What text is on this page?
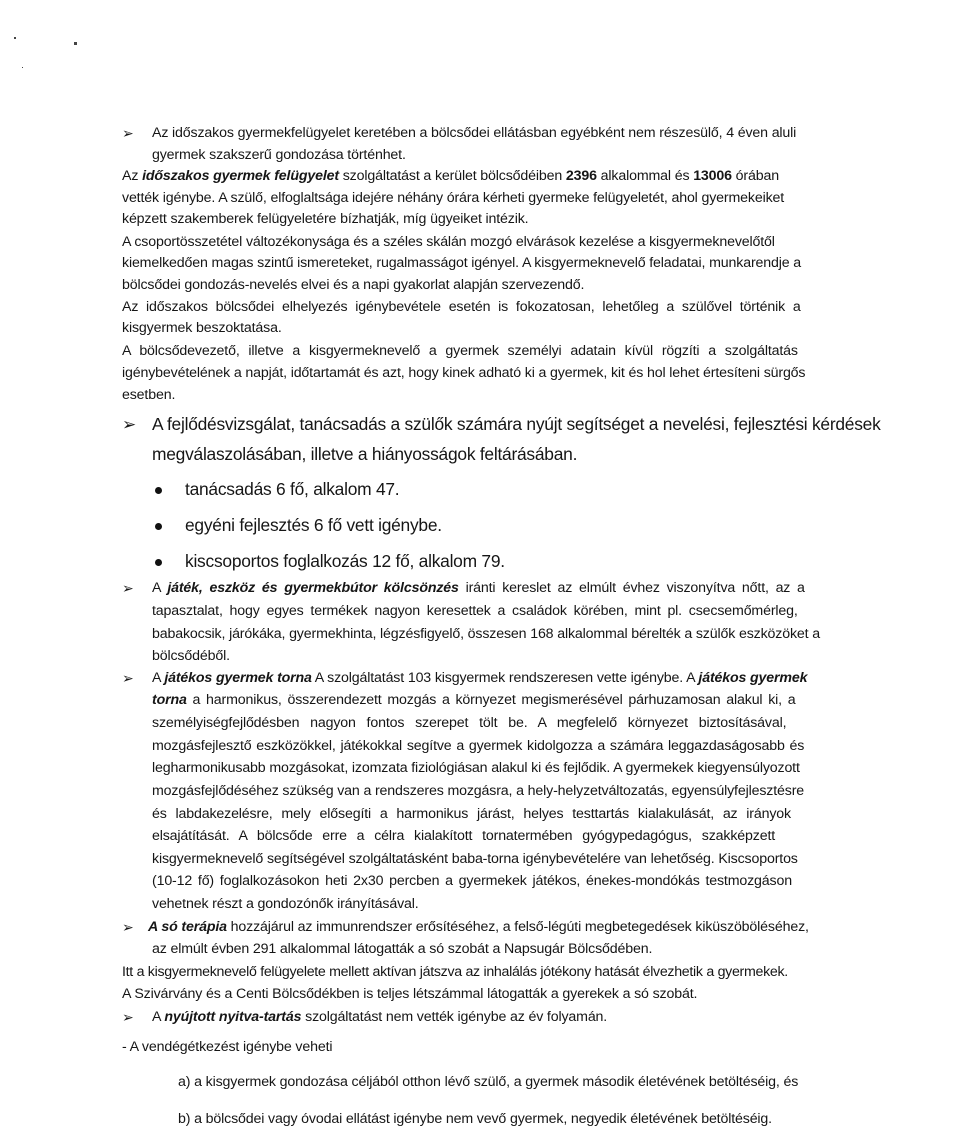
➢	Az időszakos gyermekfelügyelet keretében a bölcsődei ellátásban egyébként nem részesülő, 4 éven aluli
gyermek szakszerű gondozása történhet.
Az időszakos gyermek felügyelet szolgáltatást a kerület bölcsődéiben 2396 alkalommal és 13006 órában
vették igénybe. A szülő, elfoglaltsága idejére néhány órára kérheti gyermeke felügyeletét, ahol gyermekeiket
képzett szakemberek felügyeletére bízhatják, míg ügyeiket intézik.
A csoportösszetétel változékonysága és a széles skálán mozgó elvárások kezelése a kisgyermeknevelőtől
kiemelkedően magas szintű ismereteket, rugalmasságot igényel. A kisgyermeknevelő feladatai, munkarendje a
bölcsődei gondozás-nevelés elvei és a napi gyakorlat alapján szervezendő.
Az időszakos bölcsődei elhelyezés igénybevétele esetén is fokozatosan, lehetőleg a szülővel történik a
kisgyermek beszoktatása.
A bölcsődevezető, illetve a kisgyermeknevelő a gyermek személyi adatain kívül rögzíti a szolgáltatás
igénybevételének a napját, időtartamát és azt, hogy kinek adható ki a gyermek, kit és hol lehet értesíteni sürgős
esetben.
➢ A fejlődésvizsgálat, tanácsadás a szülők számára nyújt segítséget a nevelési, fejlesztési kérdések
megválaszolásában, illetve a hiányosságok feltárásában.
tanácsadás 6 fő, alkalom 47.
egyéni fejlesztés 6 fő vett igénybe.
kiscsoportos foglalkozás 12 fő, alkalom 79.
➢	A játék, eszköz és gyermekbútor kölcsönzés iránti kereslet az elmúlt évhez viszonyítva nőtt, az a
tapasztalat, hogy egyes termékek nagyon keresettek a családok körében, mint pl. csecsemőmérleg,
babakocsik, járókáka, gyermekhinta, légzésfigyelő, összesen 168 alkalommal bérelték a szülők eszközöket a
bölcsődéből.
➢	A játékos gyermek torna A szolgáltatást 103 kisgyermek rendszeresen vette igénybe. A játékos gyermek
torna a harmonikus, összerendezett mozgás a környezet megismerésével párhuzamosan alakul ki, a
személyiségfejlődésben nagyon fontos szerepet tölt be. A megfelelő környezet biztosításával,
mozgásfejlesztő eszközökkel, játékokkal segítve a gyermek kidolgozza a számára leggazdaságosabb és
legharmonikusabb mozgásokat, izomzata fiziológiásan alakul ki és fejlődik. A gyermekek kiegyensúlyozott
mozgásfejlődéséhez szükség van a rendszeres mozgásra, a hely-helyzetváltozatás, egyensúlyfejlesztésre
és labdakezelésre, mely elősegíti a harmonikus járást, helyes testtartás kialakulását, az irányok
elsajátítását. A bölcsőde erre a célra kialakított tornatermében gyógypedagógus, szakképzett
kisgyermeknevelő segítségével szolgáltatásként baba-torna igénybevételére van lehetőség. Kiscsoportos
(10-12 fő) foglalkozásokon heti 2x30 percben a gyermekek játékos, énekes-mondókás testmozgáson
vehetnek részt a gondozónők irányításával.
➢	A só terápia hozzájárul az immunrendszer erősítéséhez, a felső-légúti megbetegedések kiküszöböléséhez,
az elmúlt évben 291 alkalommal látogatták a só szobát a Napsugár Bölcsődében.
Itt a kisgyermeknevelő felügyelete mellett aktívan játszva az inhalálás jótékony hatását élvezhetik a gyermekek.
A Szivárvány és a Centi Bölcsődékben is teljes létszámmal látogatták a gyerekek a só szobát.
➢	A nyújtott nyitva-tartás szolgáltatást nem vették igénybe az év folyamán.
- A vendégétkezést igénybe veheti
a) a kisgyermek gondozása céljából otthon lévő szülő, a gyermek második életévének betöltéséig, és
b) a bölcsődei vagy óvodai ellátást igénybe nem vevő gyermek, negyedik életévének betöltéséig.
